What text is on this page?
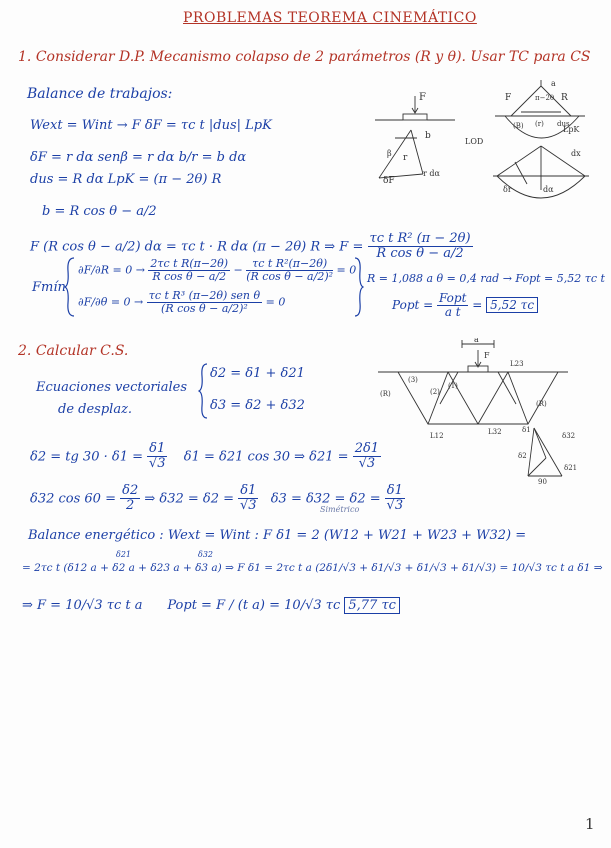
PROBLEMAS TEOREMA CINEMÁTICO
1. Considerar D.P. Mecanismo colapso de 2 parámetros (R y θ). Usar TC para CS
Balance de trabajos:
Wext = Wint → F δF = τc t |dus| LpK
δF = r dα senβ = r dα b/r = b dα
dus = R dα LpK = (π − 2θ) R
b = R cos θ − a/2
F (R cos θ − a/2) dα = τc t · R dα (π − 2θ) R ⇒ $F = \frac{\text{τc t R² (π − 2θ)}}{\text{R cos θ − a/2}}$
Fmín
$\partial F/\partial R = 0 \to \frac{\text{2τc t R(π−2θ)}}{\text{R cos θ − a/2}} - \frac{\text{τc t R²(π−2θ)}}{\text{(R cos θ − a/2)²}} = 0$
$\partial F/\partial\theta = 0 \to \frac{\text{τc t R³ (π−2θ) sen θ}}{\text{(R cos θ − a/2)²}} = 0$
R = 1,088 a θ = 0,4 rad → Fopt = 5,52 τc t
Popt = $\frac{\text{Fopt}}{\text{a t}} = 5,52$ τc
F
b
r
β
δF
r dα
π−2θ
F	R
a
(B) (r)
LpK
LOD
dus
dx
dα
δr
2. Calcular C.S.
Ecuaciones vectoriales
de desplaz.
δ2 = δ1 + δ21
δ3 = δ2 + δ32
δ2 = tg $30 \cdot \delta 1 = \frac{\delta 1}{√3} \delta 1 = \delta 21$ cos 30 ⇒ $\delta 21 = \frac{2\delta 1}{√3}$
δ32 $\cos 60 = \frac{\delta 2}{2}$ ⇒ $\delta 32 = \delta 2 = \frac{\delta 1}{√3} \delta 3 = \delta 32 = \delta 2 = \frac{\delta 1}{√3}$
Simétrico
Balance energético : Wext = Wint : F δ1 = 2 (W12 + W21 + W23 + W32) =
δ21	δ32
= 2τc t (δ12 a + δ2 a + δ23 a + δ3 a) ⇒ F δ1 = 2τc t a (2δ1/√3 + δ1/√3 + δ1/√3 + δ1/√3) = 10/√3 τc t a δ1 ⇒
⇒ F = 10/√3 τc t a Popt = F / (t a) = 10/√3 τc 5,77 τc
a
F
L23
L12	L32
(3)
(2)
(1)
(R)
(R)
δ1
δ32
δ2
δ21
90
1
